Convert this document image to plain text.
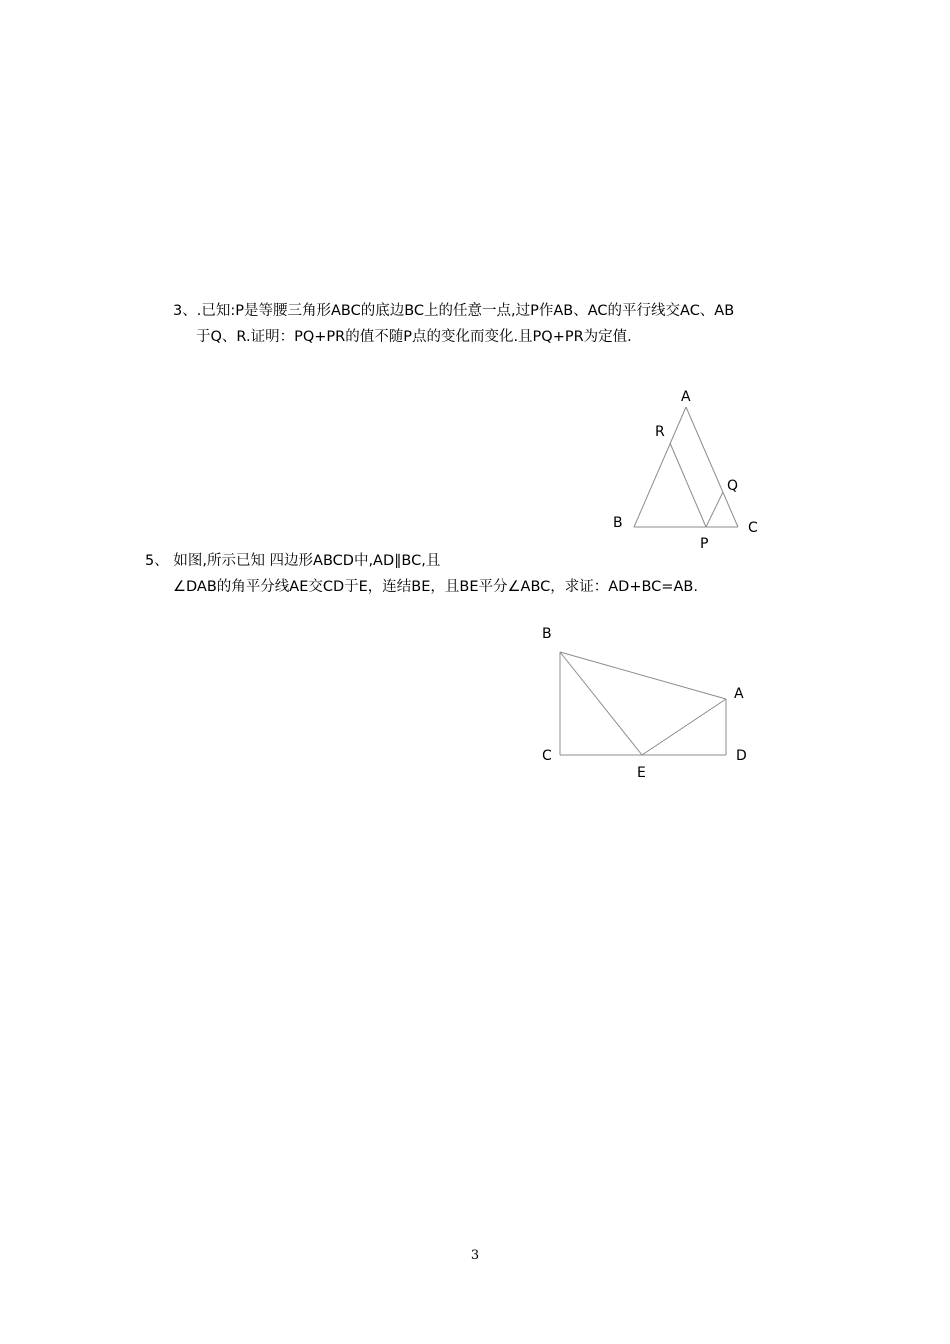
3、.已知:P是等腰三角形ABC的底边BC上的任意一点,过P作AB、AC的平行线交AC、AB
于Q、R.证明：PQ+PR的值不随P点的变化而变化.且PQ+PR为定值.
A
R
Q
B	C
P
5、 如图,所示已知 四边形ABCD中,AD∥BC,且
∠DAB的角平分线AE交CD于E，连结BE，且BE平分∠ABC，求证：AD+BC=AB.
B
A
C	D
E
3
